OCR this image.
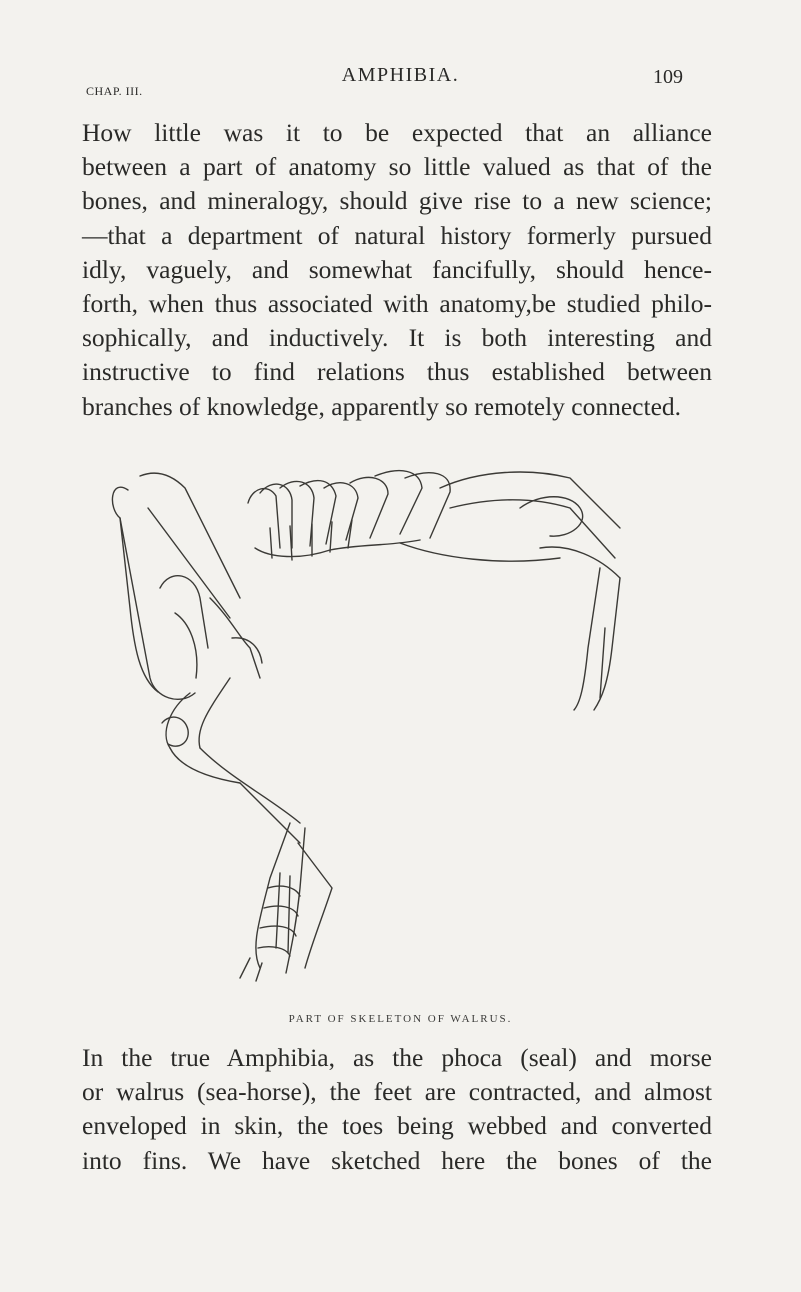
CHAP. III.
AMPHIBIA.	109
How little was it to be expected that an alliance
between a part of anatomy so little valued as that of the
bones, and mineralogy, should give rise to a new science;
—that a department of natural history formerly pursued
idly, vaguely, and somewhat fancifully, should hence-
forth, when thus associated with anatomy,be studied philo-
sophically, and inductively. It is both interesting and
instructive to find relations thus established between
branches of knowledge, apparently so remotely connected.
PART OF SKELETON OF WALRUS.
In the true Amphibia, as the phoca (seal) and morse
or walrus (sea-horse), the feet are contracted, and almost
enveloped in skin, the toes being webbed and converted
into fins. We have sketched here the bones of the
